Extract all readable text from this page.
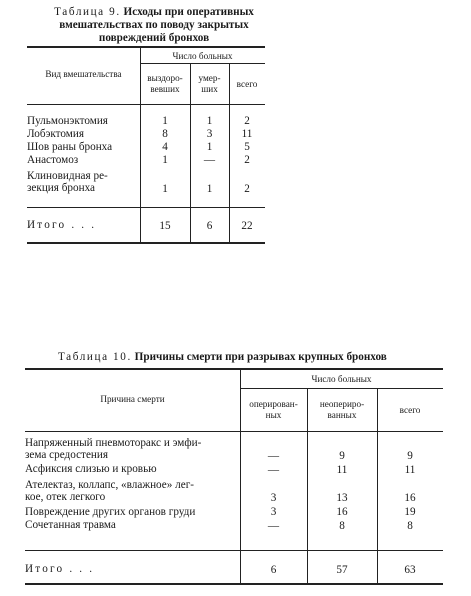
Таблица 9. Исходы при оперативных
вмешательствах по поводу закрытых
повреждений бронхов
Вид вмешательства
Число больных
выздоро-
вевших
умер-
ших	всего
Пульмонэктомия	1	1	2
Лобэктомия	8	3	11
Шов раны бронха	4	1	5
Анастомоз	1	—	2
Клиновидная ре-
зекция бронха	1	1	2
Итого . . .	15	6	22
Таблица 10. Причины смерти при разрывах крупных бронхов
Причина смерти
Число больных
оперирован-
ных
неопериро-
ванных	всего
Напряженный пневмоторакс и эмфи-
зема средостения	—	9	9
Асфиксия слизью и кровью	—	11	11
Ателектаз, коллапс, «влажное» лег-
кое, отек легкого	3	13	16
Повреждение других органов груди	3	16	19
Сочетанная травма	—	8	8
Итого . . .	6	57	63
